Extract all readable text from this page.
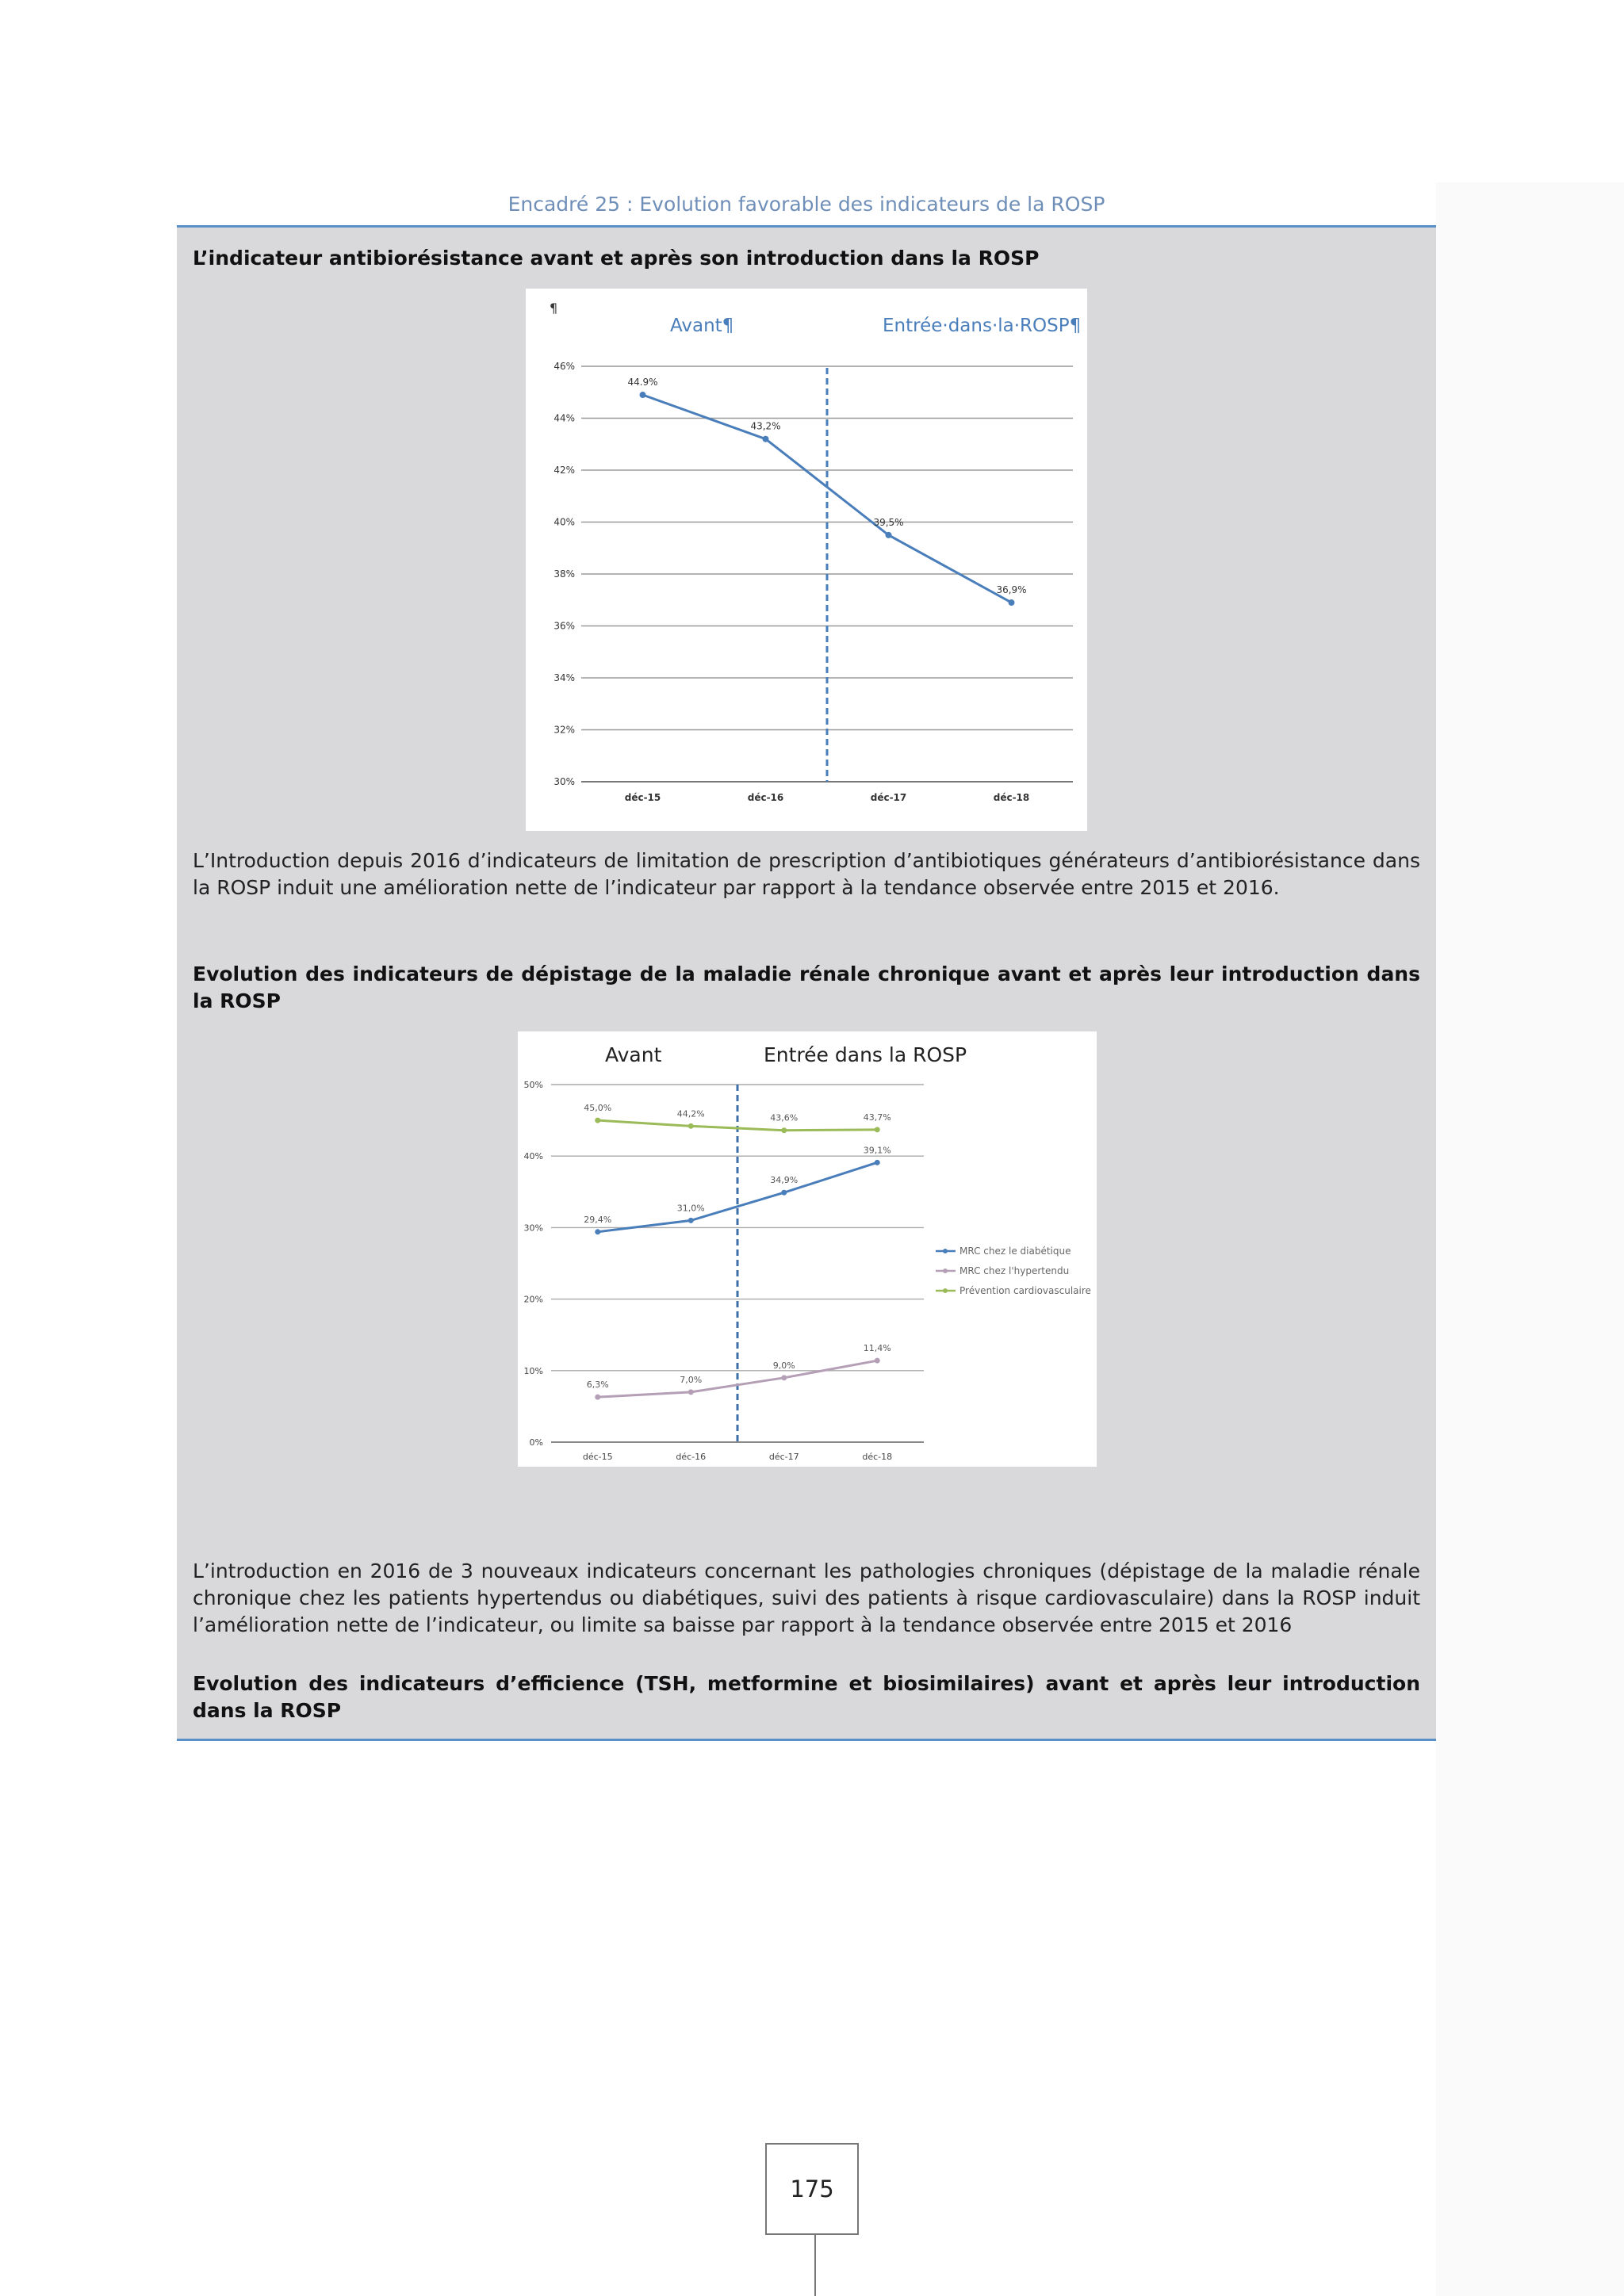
Encadré 25 : Evolution favorable des indicateurs de la ROSP
L’indicateur antibiorésistance avant et après son introduction dans la ROSP
¶
Avant¶	Entrée·dans·la·ROSP¶
30%
32%
34%
36%
38%
40%
42%
44%
46%
déc-15	déc-16	déc-17	déc-18
44.9%
43,2%
39,5%
36,9%
L’Introduction depuis 2016 d’indicateurs de limitation de prescription d’antibiotiques générateurs d’antibiorésistance dans la ROSP induit une amélioration nette de l’indicateur par rapport à la tendance observée entre 2015 et 2016.
Evolution des indicateurs de dépistage de la maladie rénale chronique avant et après leur introduction dans la ROSP
Avant	Entrée dans la ROSP
0%
10%
20%
30%
40%
50%
déc-15	déc-16	déc-17	déc-18
29,4%
31,0%
34,9%
39,1%
MRC chez le diabétique
6,3%	7,0%
9,0%
11,4%
MRC chez l'hypertendu
45,0%
44,2%	43,6%	43,7%
Prévention cardiovasculaire
L’introduction en 2016 de 3 nouveaux indicateurs concernant les pathologies chroniques (dépistage de la maladie rénale chronique chez les patients hypertendus ou diabétiques, suivi des patients à risque cardiovasculaire) dans la ROSP induit l’amélioration nette de l’indicateur, ou limite sa baisse par rapport à la tendance observée entre 2015 et 2016
Evolution des indicateurs d’efficience (TSH, metformine et biosimilaires) avant et après leur introduction dans la ROSP
175
